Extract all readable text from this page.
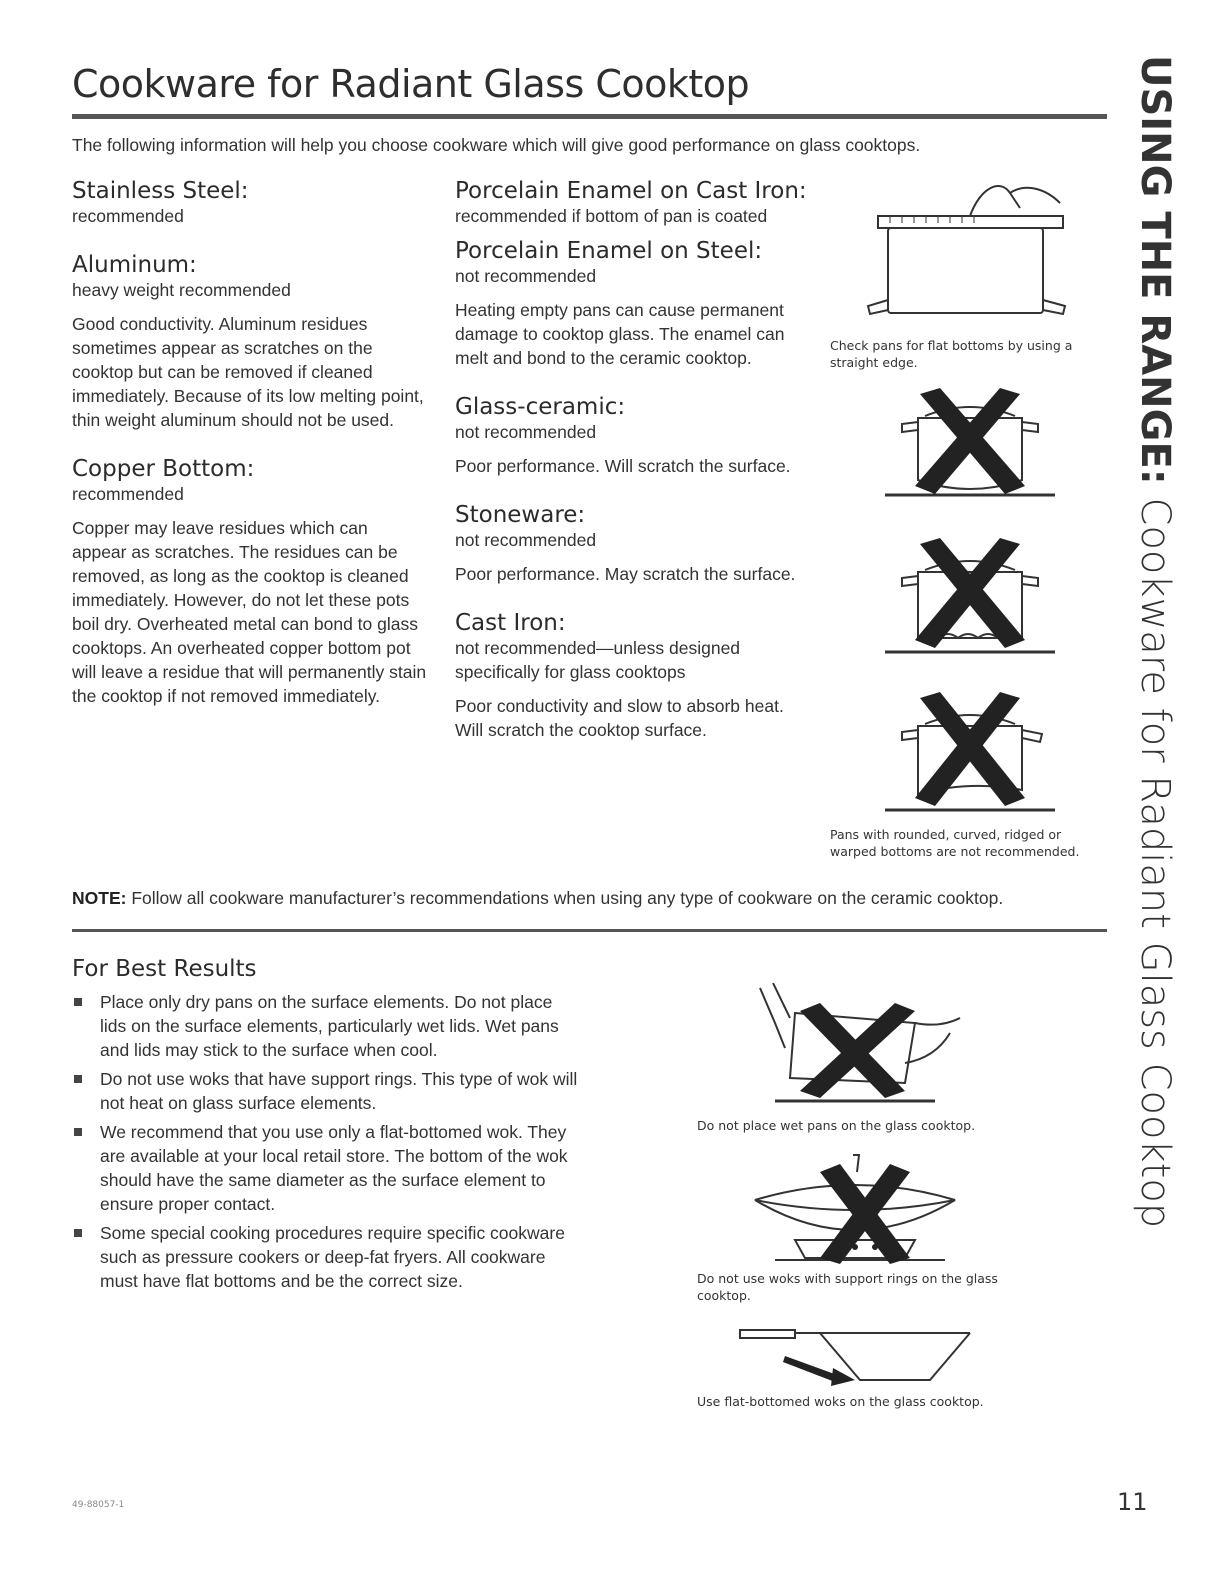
Cookware for Radiant Glass Cooktop
The following information will help you choose cookware which will give good performance on glass cooktops.
Stainless Steel:
recommended
Aluminum:
heavy weight recommended

Good conductivity. Aluminum residues sometimes appear as scratches on the cooktop but can be removed if cleaned immediately. Because of its low melting point, thin weight aluminum should not be used.

Copper Bottom:
recommended

Copper may leave residues which can appear as scratches. The residues can be removed, as long as the cooktop is cleaned immediately. However, do not let these pots boil dry. Overheated metal can bond to glass cooktops. An overheated copper bottom pot will leave a residue that will permanently stain the cooktop if not removed immediately.

Porcelain Enamel on Cast Iron:
recommended if bottom of pan is coated
Porcelain Enamel on Steel:
not recommended

Heating empty pans can cause permanent damage to cooktop glass. The enamel can melt and bond to the ceramic cooktop.

Glass-ceramic:
not recommended

Poor performance. Will scratch the surface.

Stoneware:
not recommended

Poor performance. May scratch the surface.

Cast Iron:
not recommended—unless designed specifically for glass cooktops

Poor conductivity and slow to absorb heat. Will scratch the cooktop surface.

Check pans for flat bottoms by using a straight edge.
Pans with rounded, curved, ridged or warped bottoms are not recommended.
NOTE: Follow all cookware manufacturer’s recommendations when using any type of cookware on the ceramic cooktop.
For Best Results
Place only dry pans on the surface elements. Do not place lids on the surface elements, particularly wet lids. Wet pans and lids may stick to the surface when cool.
Do not use woks that have support rings. This type of wok will not heat on glass surface elements.
We recommend that you use only a flat-bottomed wok. They are available at your local retail store. The bottom of the wok should have the same diameter as the surface element to ensure proper contact.
Some special cooking procedures require specific cookware such as pressure cookers or deep-fat fryers. All cookware must have flat bottoms and be the correct size.
Do not place wet pans on the glass cooktop.
Do not use woks with support rings on the glass cooktop.
Use flat-bottomed woks on the glass cooktop.
USING THE RANGE: Cookware for Radiant Glass Cooktop
49-88057-1	11
